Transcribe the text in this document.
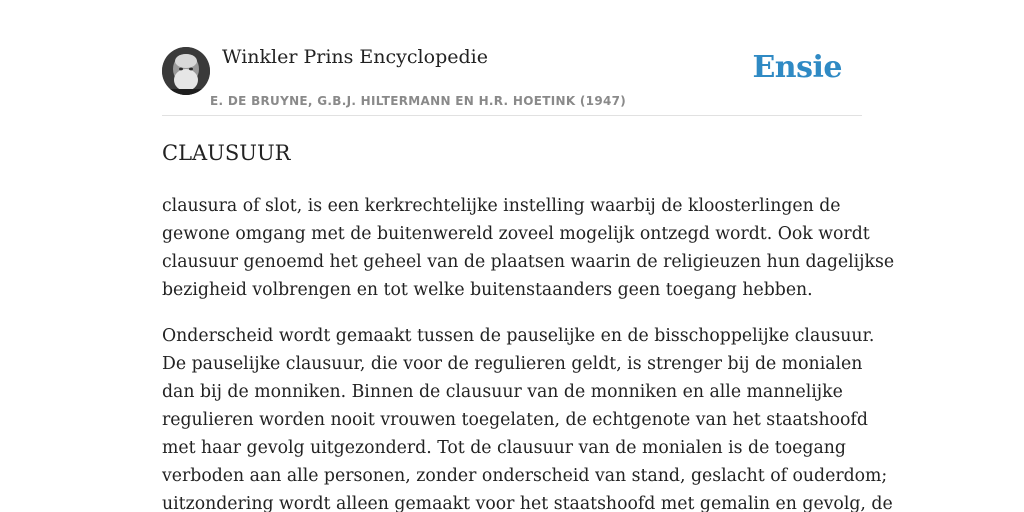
Winkler Prins Encyclopedie
E. DE BRUYNE, G.B.J. HILTERMANN EN H.R. HOETINK (1947)
Ensie
CLAUSUUR

clausura of slot, is een kerkrechtelijke instelling waarbij de kloosterlingen de
gewone omgang met de buitenwereld zoveel mogelijk ontzegd wordt. Ook wordt
clausuur genoemd het geheel van de plaatsen waarin de religieuzen hun dagelijkse
bezigheid volbrengen en tot welke buitenstaanders geen toegang hebben.

Onderscheid wordt gemaakt tussen de pauselijke en de bisschoppelijke clausuur.
De pauselijke clausuur, die voor de regulieren geldt, is strenger bij de monialen
dan bij de monniken. Binnen de clausuur van de monniken en alle mannelijke
regulieren worden nooit vrouwen toegelaten, de echtgenote van het staatshoofd
met haar gevolg uitgezonderd. Tot de clausuur van de monialen is de toegang
verboden aan alle personen, zonder onderscheid van stand, geslacht of ouderdom;
uitzondering wordt alleen gemaakt voor het staatshoofd met gemalin en gevolg, de
